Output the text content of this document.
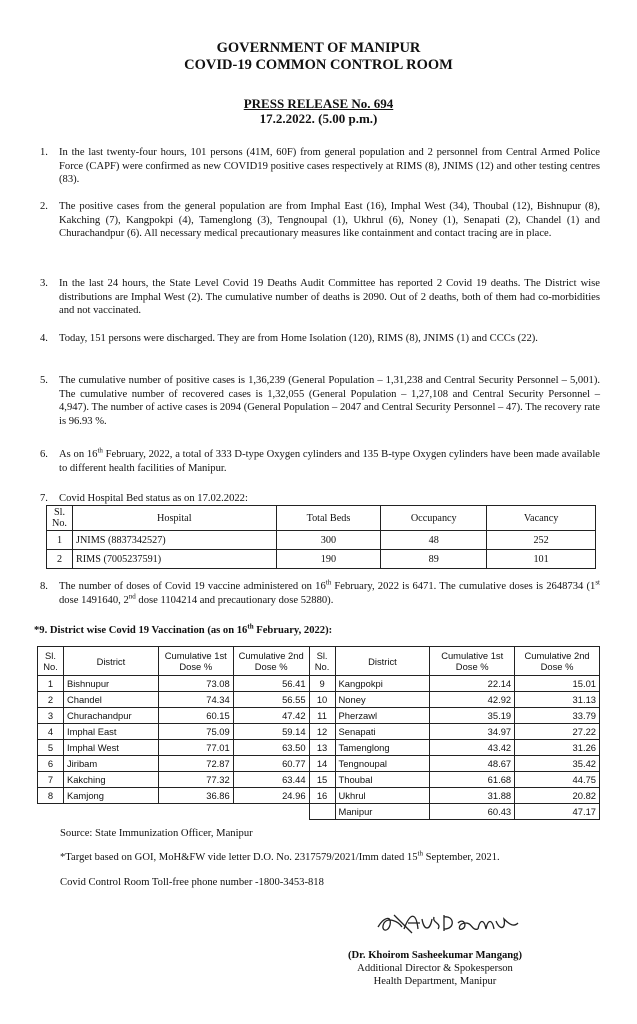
GOVERNMENT OF MANIPUR
COVID-19 COMMON CONTROL ROOM
PRESS RELEASE No. 694
17.2.2022. (5.00 p.m.)
1. In the last twenty-four hours, 101 persons (41M, 60F) from general population and 2 personnel from Central Armed Police Force (CAPF) were confirmed as new COVID19 positive cases respectively at RIMS (8), JNIMS (12) and other testing centres (83).
2. The positive cases from the general population are from Imphal East (16), Imphal West (34), Thoubal (12), Bishnupur (8), Kakching (7), Kangpokpi (4), Tamenglong (3), Tengnoupal (1), Ukhrul (6), Noney (1), Senapati (2), Chandel (1) and Churachandpur (6). All necessary medical precautionary measures like containment and contact tracing are in place.
3. In the last 24 hours, the State Level Covid 19 Deaths Audit Committee has reported 2 Covid 19 deaths. The District wise distributions are Imphal West (2). The cumulative number of deaths is 2090. Out of 2 deaths, both of them had co-morbidities and not vaccinated.
4. Today, 151 persons were discharged. They are from Home Isolation (120), RIMS (8), JNIMS (1) and CCCs (22).
5. The cumulative number of positive cases is 1,36,239 (General Population – 1,31,238 and Central Security Personnel – 5,001). The cumulative number of recovered cases is 1,32,055 (General Population – 1,27,108 and Central Security Personnel – 4,947). The number of active cases is 2094 (General Population – 2047 and Central Security Personnel – 47). The recovery rate is 96.93 %.
6. As on 16th February, 2022, a total of 333 D-type Oxygen cylinders and 135 B-type Oxygen cylinders have been made available to different health facilities of Manipur.
7. Covid Hospital Bed status as on 17.02.2022:
Sl. No.	Hospital	Total Beds	Occupancy	Vacancy
1	JNIMS (8837342527)	300	48	252
2	RIMS (7005237591)	190	89	101
8. The number of doses of Covid 19 vaccine administered on 16th February, 2022 is 6471. The cumulative doses is 2648734 (1st dose 1491640, 2nd dose 1104214 and precautionary dose 52880).
*9. District wise Covid 19 Vaccination (as on 16th February, 2022):
Sl. No.	District	Cumulative 1st Dose %	Cumulative 2nd Dose %	Sl. No.	District	Cumulative 1st Dose %	Cumulative 2nd Dose %
1	Bishnupur	73.08	56.41	9	Kangpokpi	22.14	15.01
2	Chandel	74.34	56.55	10	Noney	42.92	31.13
3	Churachandpur	60.15	47.42	11	Pherzawl	35.19	33.79
4	Imphal East	75.09	59.14	12	Senapati	34.97	27.22
5	Imphal West	77.01	63.50	13	Tamenglong	43.42	31.26
6	Jiribam	72.87	60.77	14	Tengnoupal	48.67	35.42
7	Kakching	77.32	63.44	15	Thoubal	61.68	44.75
8	Kamjong	36.86	24.96	16	Ukhrul	31.88	20.82
					Manipur	60.43	47.17
Source: State Immunization Officer, Manipur
*Target based on GOI, MoH&FW vide letter D.O. No. 2317579/2021/Imm dated 15th September, 2021.
Covid Control Room Toll-free phone number -1800-3453-818
(Dr. Khoirom Sasheekumar Mangang)
Additional Director & Spokesperson
Health Department, Manipur
